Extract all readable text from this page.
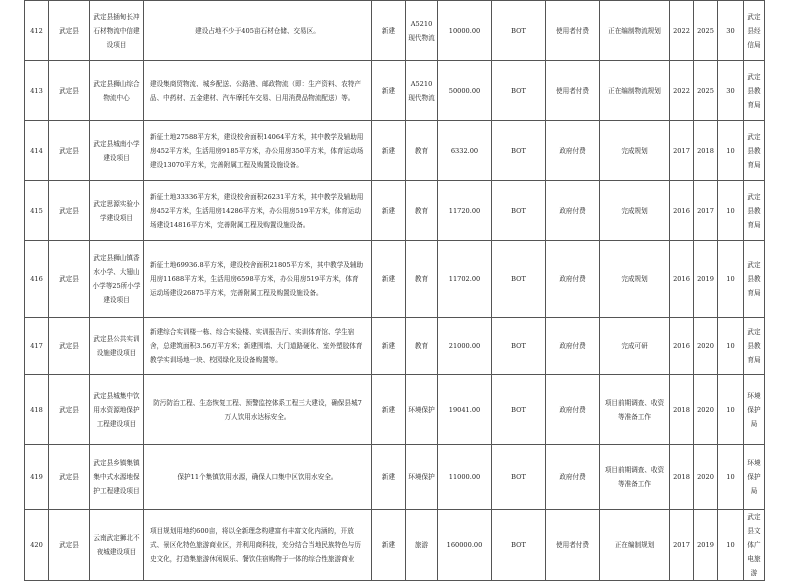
412	武定县	武定县插甸长冲石材物流中信建设项目	建设占地不少于405亩石材仓储、交易区。	新建	A5210现代物流	10000.00	BOT	使用者付费	正在编制物流规划	2022	2025	30	武定县经信局
413	武定县	武定县狮山综合物流中心	建设集商贸物流、城乡配送、公路港、邮政物流（即：生产资料、农特产品、中药材、五金建材、汽车摩托车交易、日用消费品物流配送）等。	新建	A5210现代物流	50000.00	BOT	使用者付费	正在编制物流规划	2022	2025	30	武定县教育局
414	武定县	武定县城南小学建设项目	新征土地27588平方米，建设校舍面积14064平方米，其中教学及辅助用房452平方米，生活用房9185平方米，办公用房350平方米，体育运动场建设13070平方米，完善附属工程及购置设施设备。	新建	教育	6332.00	BOT	政府付费	完成规划	2017	2018	10	武定县教育局
415	武定县	武定思源实验小学建设项目	新征土地33336平方米，建设校舍面积26231平方米，其中教学及辅助用房452平方米，生活用房14286平方米，办公用房519平方米，体育运动场建设14816平方米，完善附属工程及购置设施设备。	新建	教育	11720.00	BOT	政府付费	完成规划	2016	2017	10	武定县教育局
416	武定县	武定县狮山镇香水小学、大翅山小学等25所小学建设项目	新征土地69936.8平方米，建设校舍面积21805平方米，其中教学及辅助用房11688平方米，生活用房6598平方米，办公用房519平方米，体育运动场建设26875平方米，完善附属工程及购置设施设备。	新建	教育	11702.00	BOT	政府付费	完成规划	2016	2019	10	武定县教育局
417	武定县	武定县公共实训设施建设项目	新建综合实训楼一栋、综合实验楼、实训报告厅、实训体育馆、学生宿舍，总建筑面积3.56万平方米；新建围墙、大门道路硬化、室外塑胶体育教学实训场地一块、校园绿化及设备购置等。	新建	教育	21000.00	BOT	政府付费	完成可研	2016	2020	10	武定县教育局
418	武定县	武定县城集中饮用水资源地保护工程建设项目	防污防治工程、生态恢复工程、预警监控体系工程三大建设，确保县城7万人饮用水达标安全。	新建	环境保护	19041.00	BOT	政府付费	项目前期调查、收资等准备工作	2018	2020	10	环境保护局
419	武定县	武定县乡镇集镇集中式水源地保护工程建设项目	保护11个集镇饮用水源，确保人口集中区饮用水安全。	新建	环境保护	11000.00	BOT	政府付费	项目前期调查、收资等准备工作	2018	2020	10	环境保护局
420	武定县	云南武定狮北不夜城建设项目	项目规划用地约600亩，将以全新理念构建富有丰富文化内涵的，开放式、景区化特色旅游商业区，并利用商科技，充分结合当地民族特色与历史文化，打造集旅游休闲娱乐、餐饮住宿购物于一体的综合性旅游商业	新建	旅游	160000.00	BOT	使用者付费	正在编制规划	2017	2019	10	武定县文体广电旅游
